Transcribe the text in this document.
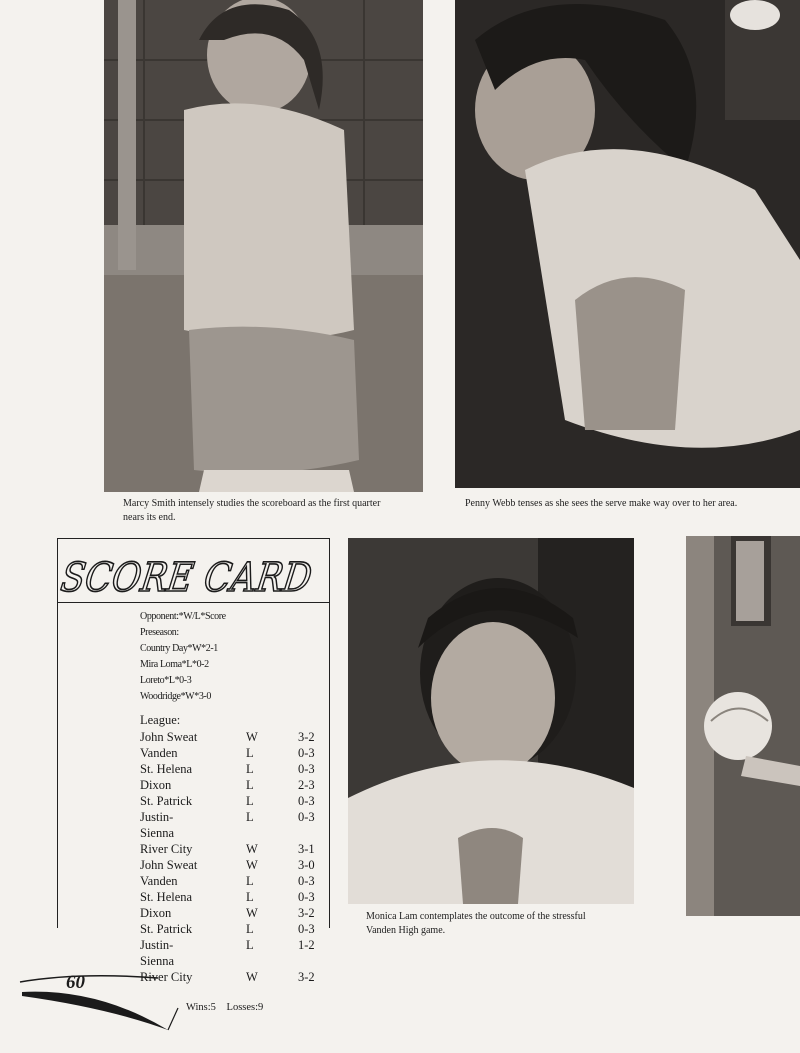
Marcy Smith intensely studies the scoreboard as the first quarter
nears its end.
Penny Webb tenses as she sees the serve make way over to her area.
SCORE CARD
Opponent:*W/L*Score
Preseason:
Country Day*W*2-1
Mira Loma*L*0-2
Loreto*L*0-3
Woodridge*W*3-0
League:
John Sweat	W	3-2
Vanden	L	0-3
St. Helena	L	0-3
Dixon	L	2-3
St. Patrick	L	0-3
Justin-	L	0-3
Sienna
River City	W	3-1
John Sweat	W	3-0
Vanden	L	0-3
St. Helena	L	0-3
Dixon	W	3-2
St. Patrick	L	0-3
Justin-	L	1-2
Sienna
River City	W	3-2
Monica Lam contemplates the outcome of the stressful
Vanden High game.
60
Wins:5 Losses:9
